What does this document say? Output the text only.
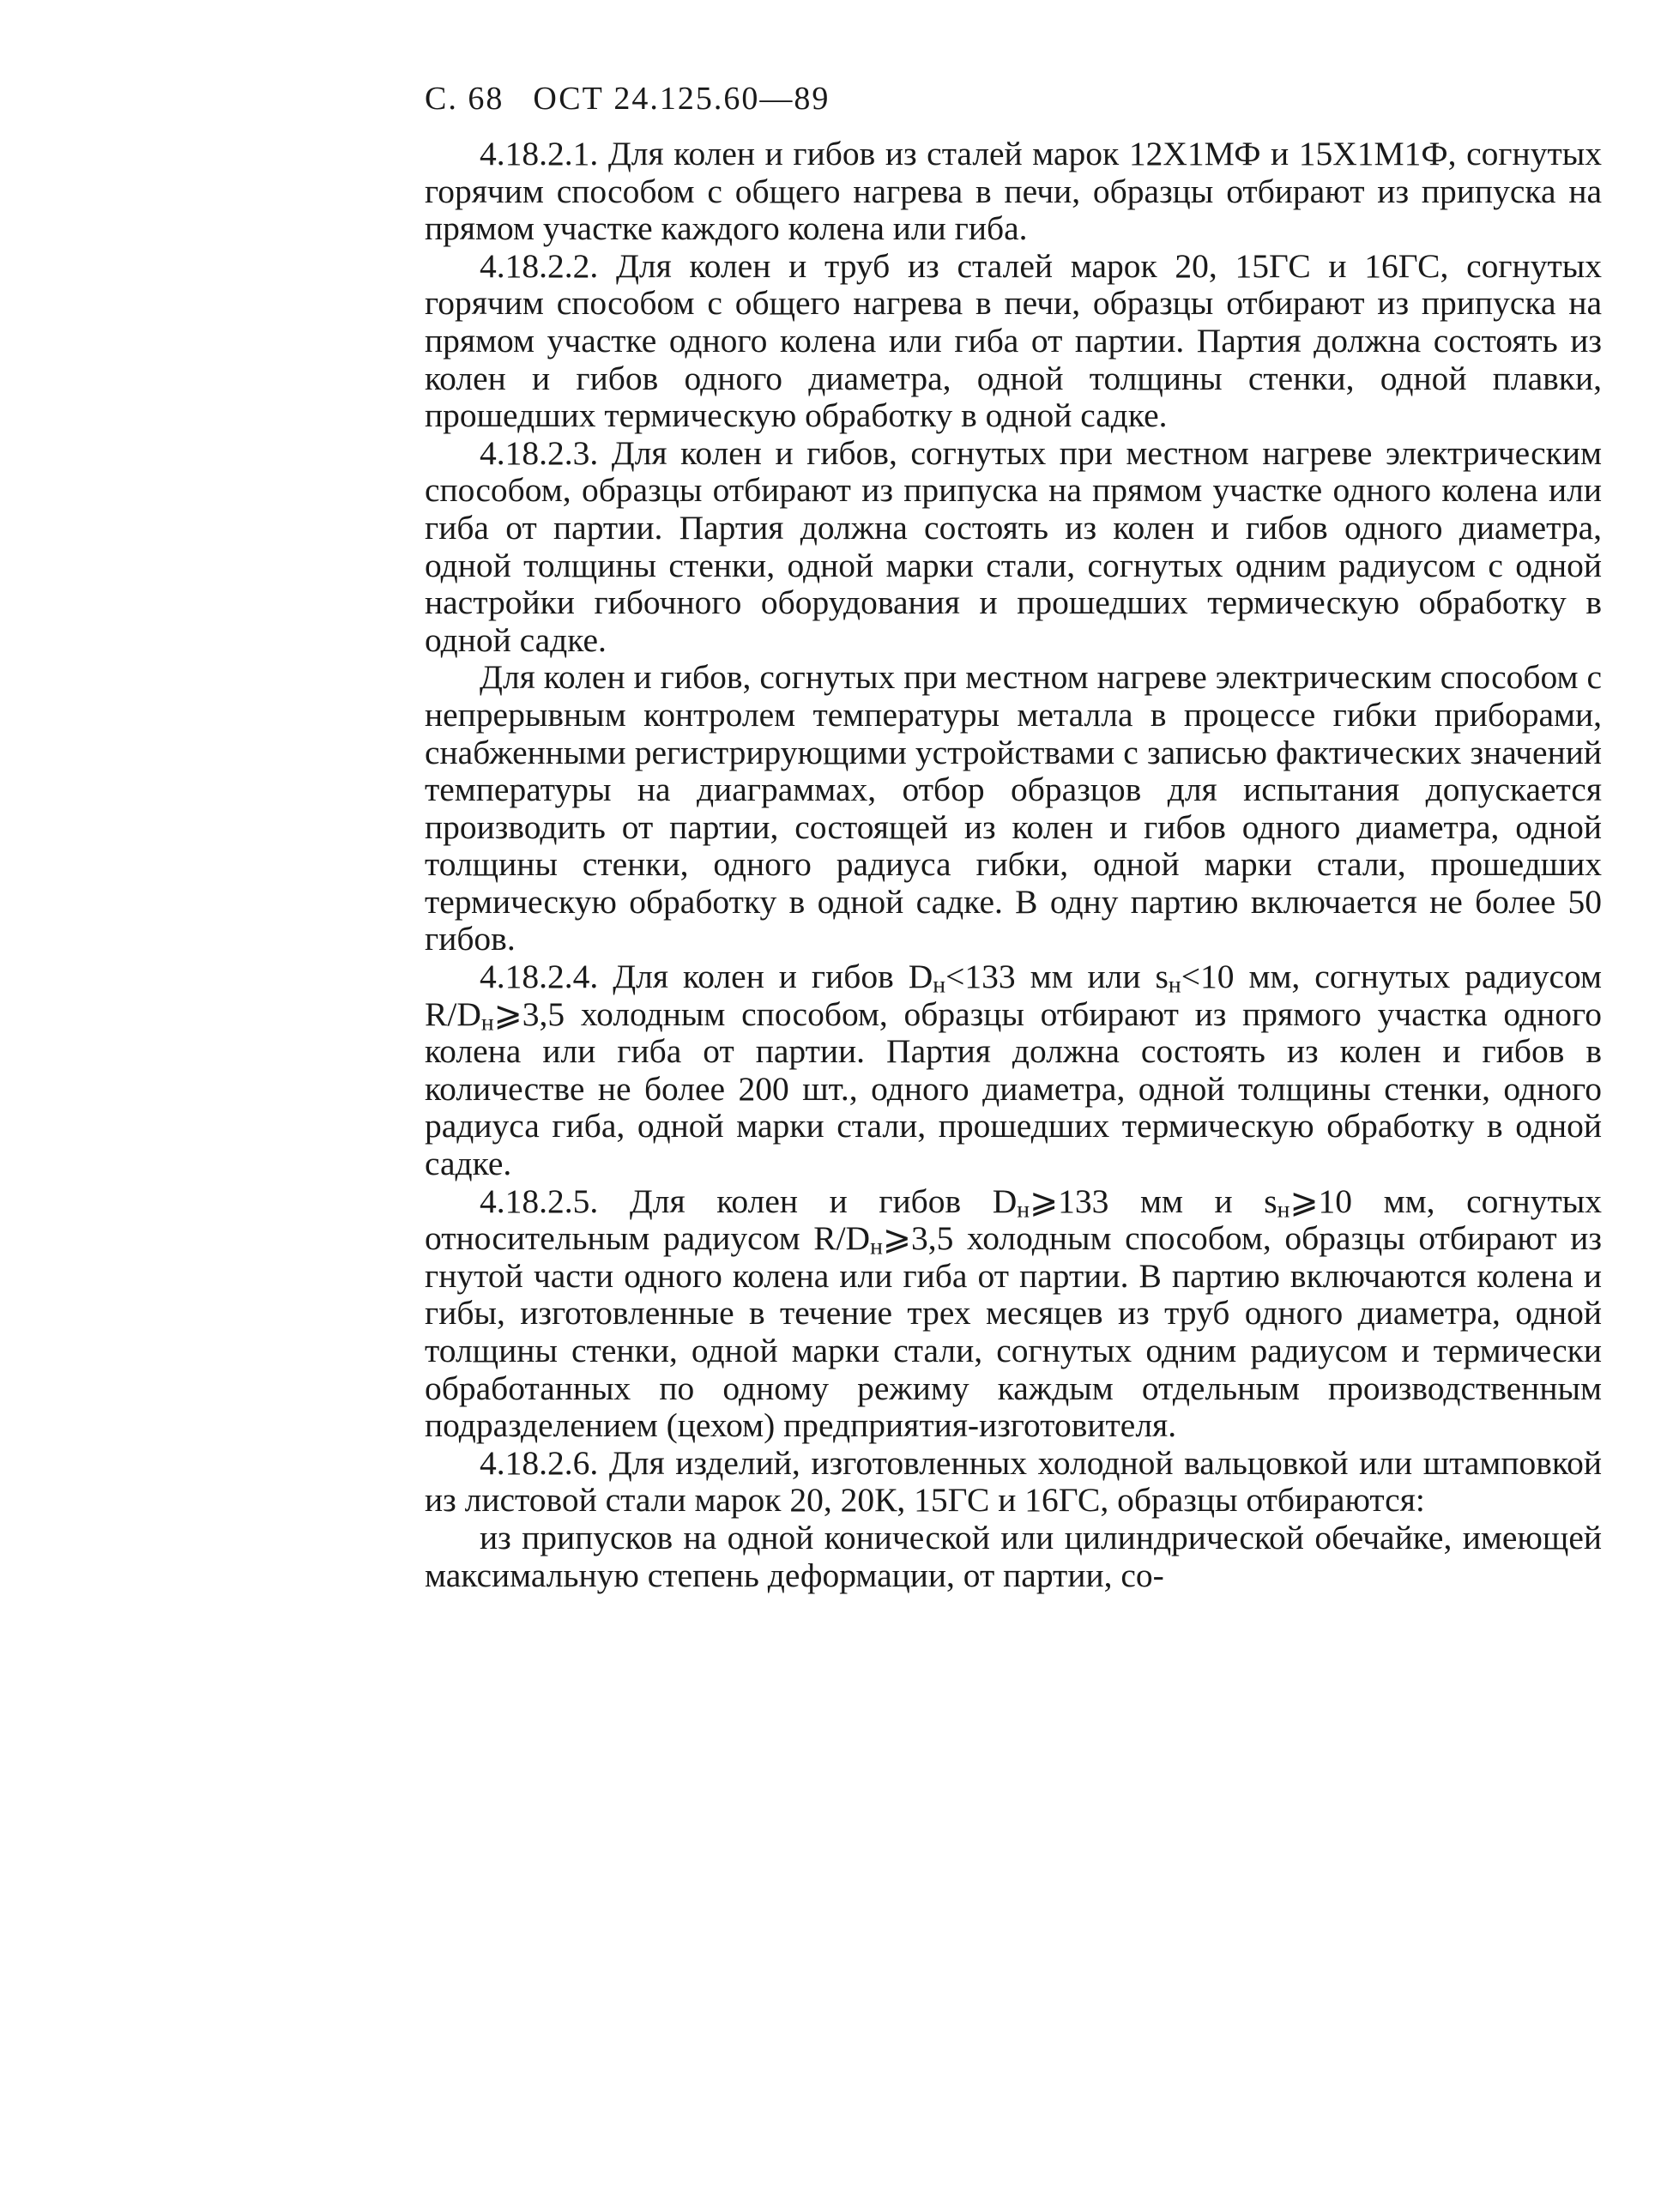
С. 68 ОСТ 24.125.60—89

4.18.2.1. Для колен и гибов из сталей марок 12Х1МФ и 15Х1М1Ф, согнутых горячим способом с общего нагрева в печи, образцы отбирают из припуска на прямом участке каждого колена или гиба.

4.18.2.2. Для колен и труб из сталей марок 20, 15ГС и 16ГС, согнутых горячим способом с общего нагрева в печи, образцы отбирают из припуска на прямом участке одного колена или гиба от партии. Партия должна состоять из колен и гибов одного диаметра, одной толщины стенки, одной плавки, прошедших термическую обработку в одной садке.

4.18.2.3. Для колен и гибов, согнутых при местном нагреве электрическим способом, образцы отбирают из припуска на прямом участке одного колена или гиба от партии. Партия должна состоять из колен и гибов одного диаметра, одной толщины стенки, одной марки стали, согнутых одним радиусом с одной настройки гибочного оборудования и прошедших термическую обработку в одной садке.

Для колен и гибов, согнутых при местном нагреве электрическим способом с непрерывным контролем температуры металла в процессе гибки приборами, снабженными регистрирующими устройствами с записью фактических значений температуры на диаграммах, отбор образцов для испытания допускается производить от партии, состоящей из колен и гибов одного диаметра, одной толщины стенки, одного радиуса гибки, одной марки стали, прошедших термическую обработку в одной садке. В одну партию включается не более 50 гибов.

4.18.2.4. Для колен и гибов $D_н<133$ мм или $s_н<10$ мм, согнутых радиусом $R/D_н⩾3,5$ холодным способом, образцы отбирают из прямого участка одного колена или гиба от партии. Партия должна состоять из колен и гибов в количестве не более 200 шт., одного диаметра, одной толщины стенки, одного радиуса гиба, одной марки стали, прошедших термическую обработку в одной садке.

4.18.2.5. Для колен и гибов $D_н⩾133$ мм и $s_н⩾10$ мм, согнутых относительным радиусом $R/D_н⩾3,5$ холодным способом, образцы отбирают из гнутой части одного колена или гиба от партии. В партию включаются колена и гибы, изготовленные в течение трех месяцев из труб одного диаметра, одной толщины стенки, одной марки стали, согнутых одним радиусом и термически обработанных по одному режиму каждым отдельным производственным подразделением (цехом) предприятия-изготовителя.

4.18.2.6. Для изделий, изготовленных холодной вальцовкой или штамповкой из листовой стали марок 20, 20К, 15ГС и 16ГС, образцы отбираются:

из припусков на одной конической или цилиндрической обечайке, имеющей максимальную степень деформации, от партии, со-
